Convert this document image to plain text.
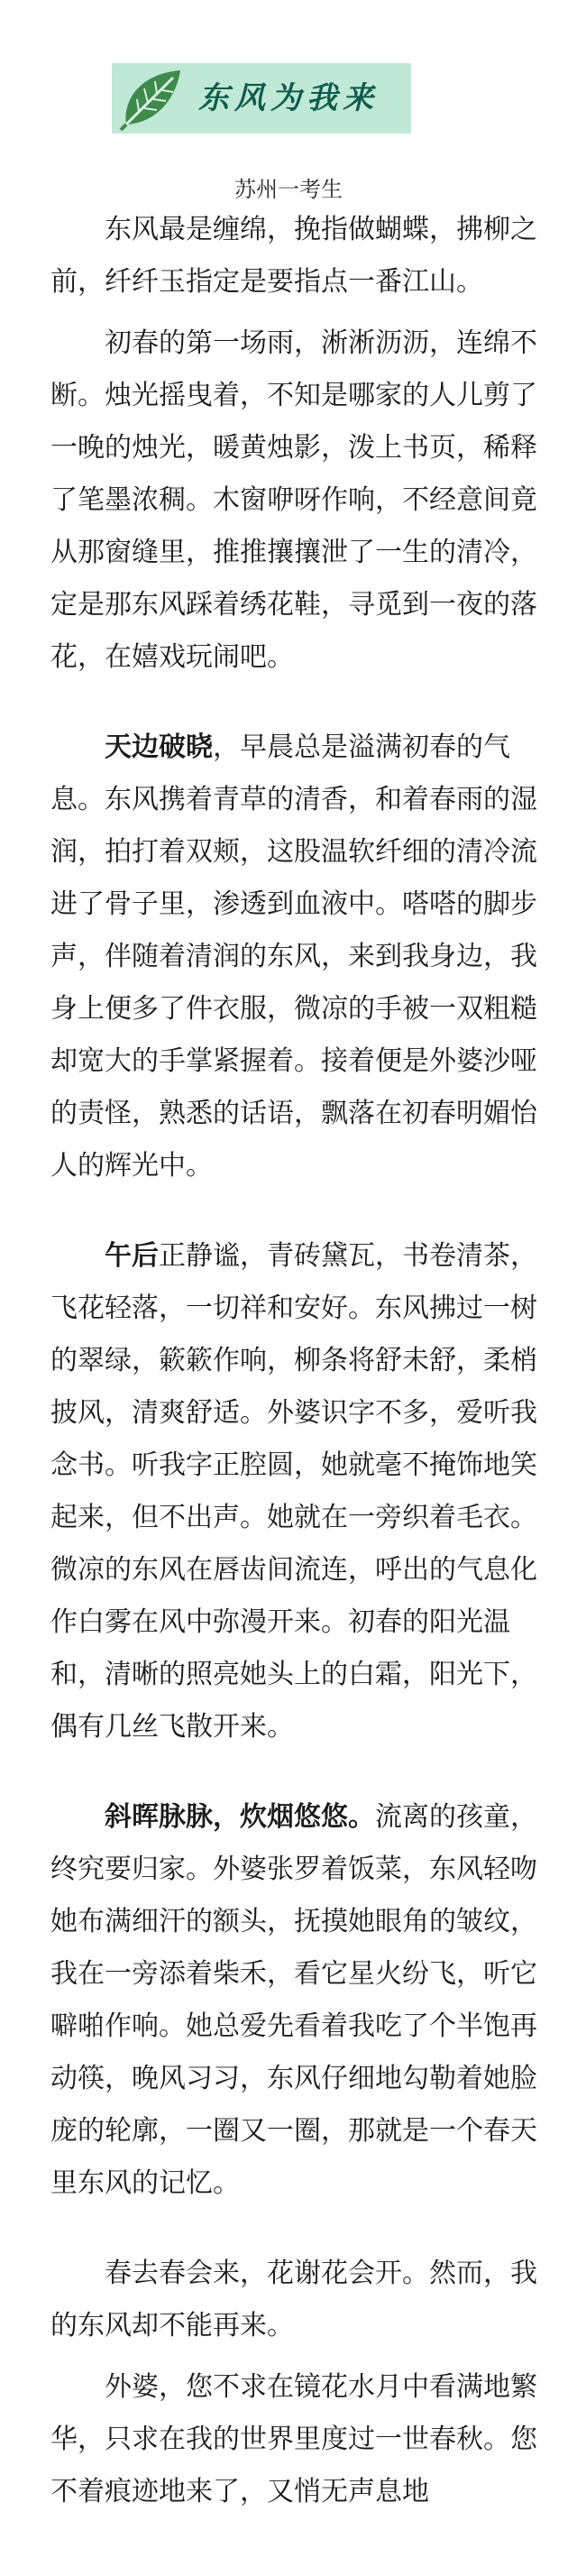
东风为我来
苏州一考生

东风最是缠绵，挽指做蝴蝶，拂柳之前，纤纤玉指定是要指点一番江山。

初春的第一场雨，淅淅沥沥，连绵不断。烛光摇曳着，不知是哪家的人儿剪了一晚的烛光，暖黄烛影，泼上书页，稀释了笔墨浓稠。木窗咿呀作响，不经意间竟从那窗缝里，推推攘攘泄了一生的清冷，定是那东风踩着绣花鞋，寻觅到一夜的落花，在嬉戏玩闹吧。

天边破晓，早晨总是溢满初春的气息。东风携着青草的清香，和着春雨的湿润，拍打着双颊，这股温软纤细的清冷流进了骨子里，渗透到血液中。嗒嗒的脚步声，伴随着清润的东风，来到我身边，我身上便多了件衣服，微凉的手被一双粗糙却宽大的手掌紧握着。接着便是外婆沙哑的责怪，熟悉的话语，飘落在初春明媚怡人的辉光中。

午后正静谧，青砖黛瓦，书卷清茶，飞花轻落，一切祥和安好。东风拂过一树的翠绿，簌簌作响，柳条将舒未舒，柔梢披风，清爽舒适。外婆识字不多，爱听我念书。听我字正腔圆，她就毫不掩饰地笑起来，但不出声。她就在一旁织着毛衣。微凉的东风在唇齿间流连，呼出的气息化作白雾在风中弥漫开来。初春的阳光温和，清晰的照亮她头上的白霜，阳光下，偶有几丝飞散开来。

斜晖脉脉，炊烟悠悠。流离的孩童，终究要归家。外婆张罗着饭菜，东风轻吻她布满细汗的额头，抚摸她眼角的皱纹，我在一旁添着柴禾，看它星火纷飞，听它噼啪作响。她总爱先看着我吃了个半饱再动筷，晚风习习，东风仔细地勾勒着她脸庞的轮廓，一圈又一圈，那就是一个春天里东风的记忆。

春去春会来，花谢花会开。然而，我的东风却不能再来。

外婆，您不求在镜花水月中看满地繁华，只求在我的世界里度过一世春秋。您不着痕迹地来了，又悄无声息地
